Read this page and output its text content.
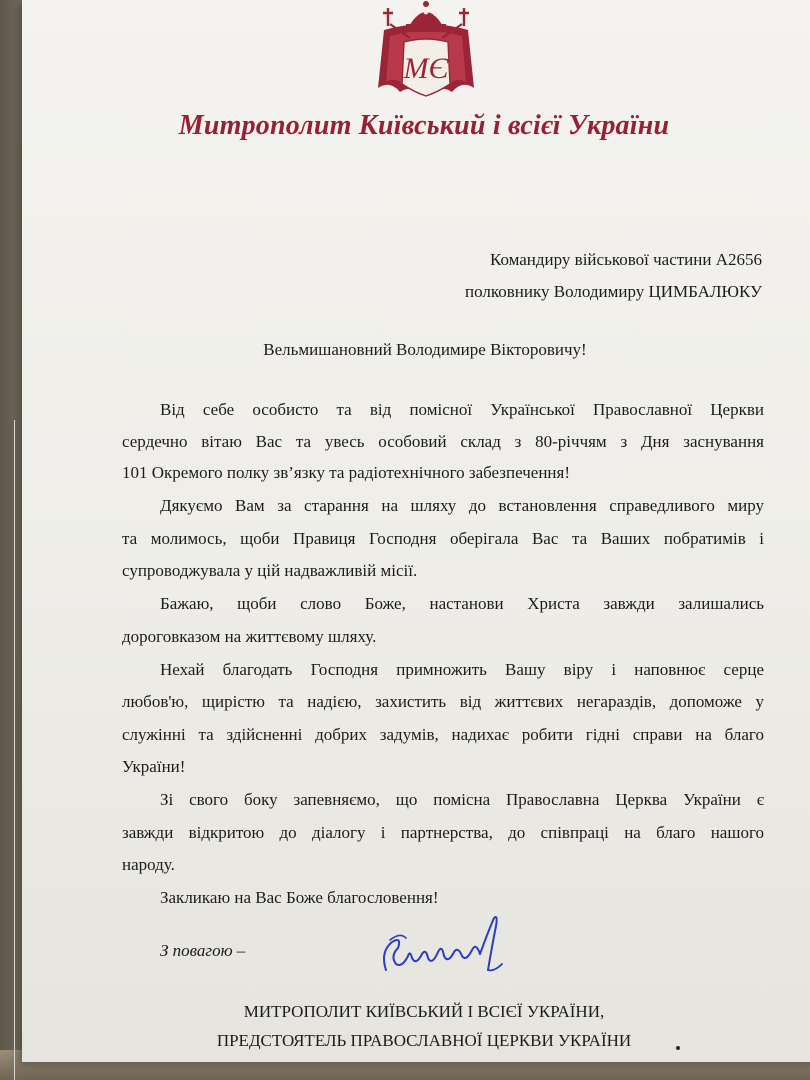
МЄ
Митрополит Київський і всієї України
Командиру військової частини А2656
полковнику Володимиру ЦИМБАЛЮКУ
Вельмишановний Володимире Вікторовичу!
Від себе особисто та від помісної Української Православної Церкви
сердечно вітаю Вас та увесь особовий склад з 80-річчям з Дня заснування
101 Окремого полку зв’язку та радіотехнічного забезпечення!
Дякуємо Вам за старання на шляху до встановлення справедливого миру
та молимось, щоби Правиця Господня оберігала Вас та Ваших побратимів і
супроводжувала у цій надважливій місії.
Бажаю, щоби слово Боже, настанови Христа завжди залишались
дороговказом на життєвому шляху.
Нехай благодать Господня примножить Вашу віру і наповнює серце
любов'ю, щирістю та надією, захистить від життєвих негараздів, допоможе у
служінні та здійсненні добрих задумів, надихає робити гідні справи на благо
України!
Зі свого боку запевняємо, що помісна Православна Церква України є
завжди відкритою до діалогу і партнерства, до співпраці на благо нашого
народу.
Закликаю на Вас Боже благословення!
З повагою –
МИТРОПОЛИТ КИЇВСЬКИЙ І ВСІЄЇ УКРАЇНИ,
ПРЕДСТОЯТЕЛЬ ПРАВОСЛАВНОЇ ЦЕРКВИ УКРАЇНИ
